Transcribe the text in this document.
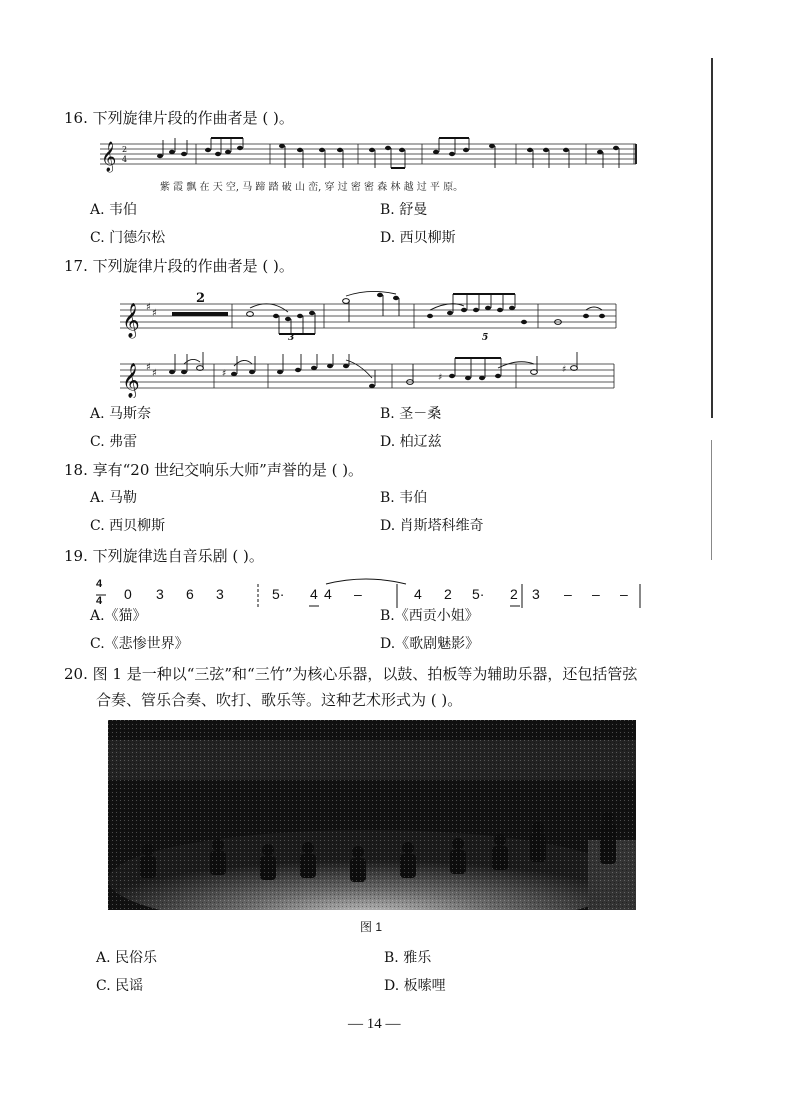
16. 下列旋律片段的作曲者是 ( )。
𝄞 2
4
紫 霞 飘 在 天 空, 马 蹄 踏 破 山 峦, 穿 过 密 密 森 林 越 过 平 原。
A. 韦伯	B. 舒曼
C. 门德尔松	D. 西贝柳斯
17. 下列旋律片段的作曲者是 ( )。
𝄞 ♯
♯
2
3	5
𝄞 ♯
♯	♯	♯
♯
A. 马斯奈	B. 圣－桑
C. 弗雷	D. 柏辽兹
18. 享有“20 世纪交响乐大师”声誉的是 ( )。
A. 马勒	B. 韦伯
C. 西贝柳斯	D. 肖斯塔科维奇
19. 下列旋律选自音乐剧 ( )。
4
4 0 3 6 3	5· 4 4 –	4 2 5· 2 3 – – –
A.《猫》	B.《西贡小姐》
C.《悲惨世界》	D.《歌剧魅影》
20. 图 1 是一种以“三弦”和“三竹”为核心乐器，以鼓、拍板等为辅助乐器，还包括管弦
合奏、管乐合奏、吹打、歌乐等。这种艺术形式为 ( )。
图 1
A. 民俗乐	B. 雅乐
C. 民谣	D. 板嗦哩
— 14 —
